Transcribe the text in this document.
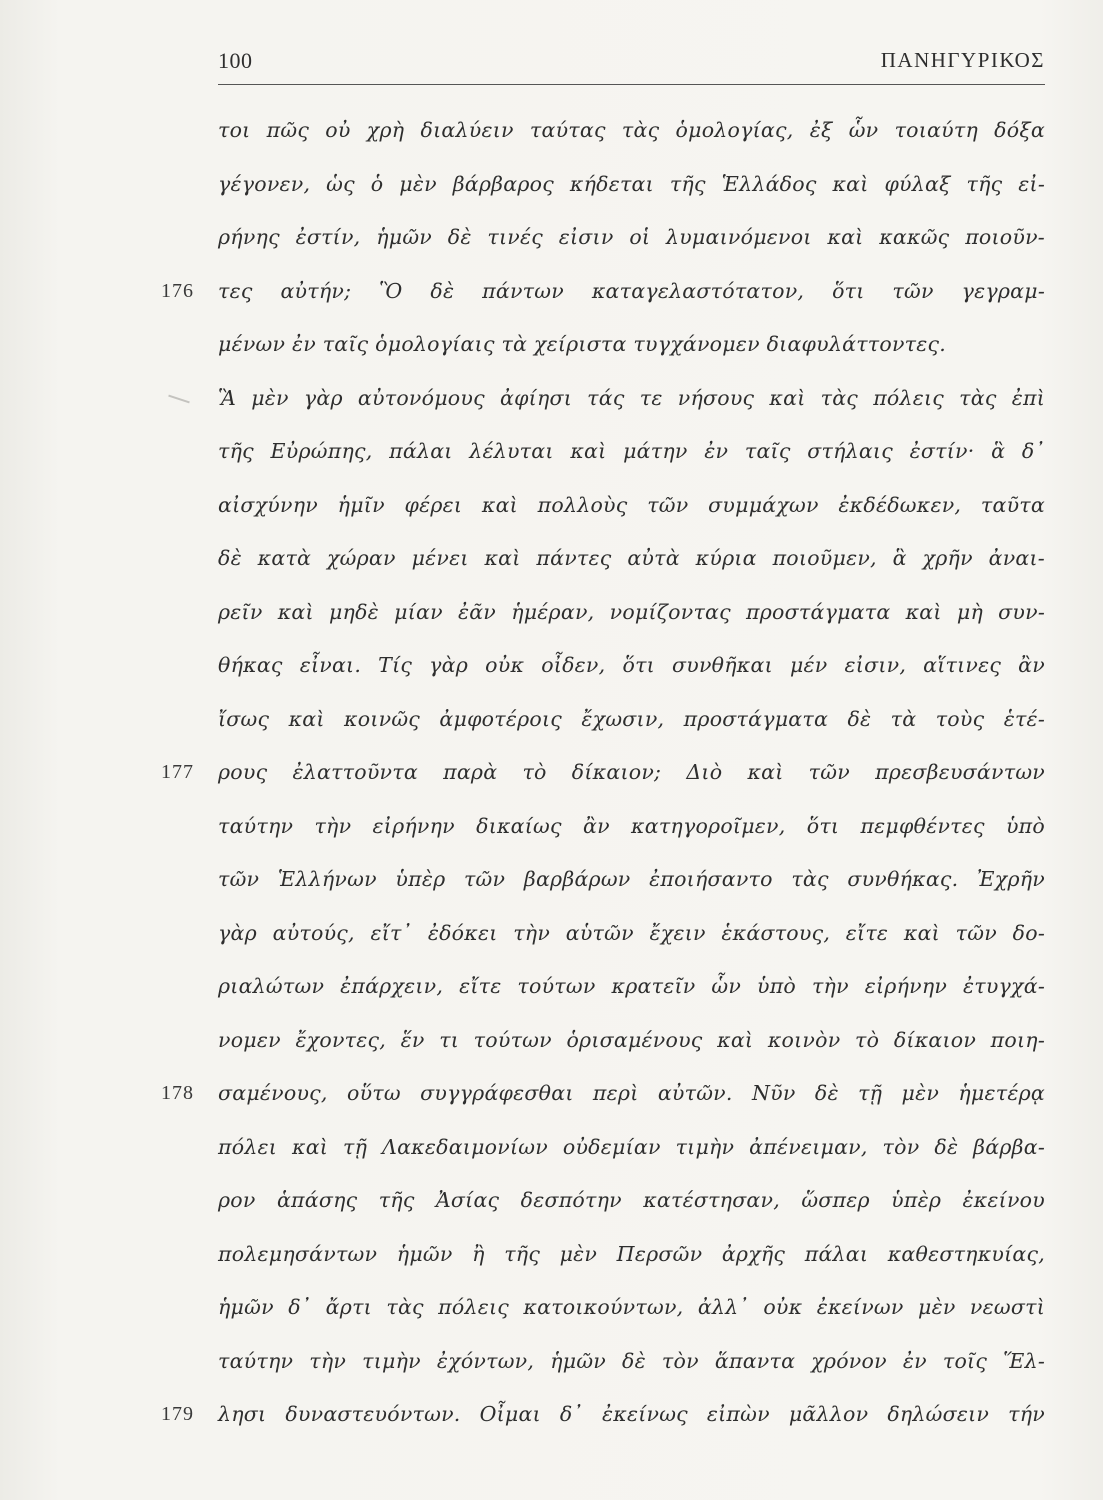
100	ΠΑΝΗΓΥΡΙΚΟΣ
τοι πῶς οὐ χρὴ διαλύειν ταύτας τὰς ὁμολογίας, ἐξ ὧν τοιαύτη δόξα
γέγονεν, ὡς ὁ μὲν βάρβαρος κήδεται τῆς Ἑλλάδος καὶ φύλαξ τῆς εἰ-
ρήνης ἐστίν, ἡμῶν δὲ τινές εἰσιν οἱ λυμαινόμενοι καὶ κακῶς ποιοῦν-
176	τες αὐτήν; Ὃ δὲ πάντων καταγελαστότατον, ὅτι τῶν γεγραμ-
μένων ἐν ταῖς ὁμολογίαις τὰ χείριστα τυγχάνομεν διαφυλάττοντες.
Ἃ μὲν γὰρ αὐτονόμους ἀφίησι τάς τε νήσους καὶ τὰς πόλεις τὰς ἐπὶ
τῆς Εὐρώπης, πάλαι λέλυται καὶ μάτην ἐν ταῖς στήλαις ἐστίν· ἃ δ᾽
αἰσχύνην ἡμῖν φέρει καὶ πολλοὺς τῶν συμμάχων ἐκδέδωκεν, ταῦτα
δὲ κατὰ χώραν μένει καὶ πάντες αὐτὰ κύρια ποιοῦμεν, ἃ χρῆν ἀναι-
ρεῖν καὶ μηδὲ μίαν ἐᾶν ἡμέραν, νομίζοντας προστάγματα καὶ μὴ συν-
θήκας εἶναι. Τίς γὰρ οὐκ οἶδεν, ὅτι συνθῆκαι μέν εἰσιν, αἵτινες ἂν
ἴσως καὶ κοινῶς ἀμφοτέροις ἔχωσιν, προστάγματα δὲ τὰ τοὺς ἑτέ-
177	ρους ἐλαττοῦντα παρὰ τὸ δίκαιον; Διὸ καὶ τῶν πρεσβευσάντων
ταύτην τὴν εἰρήνην δικαίως ἂν κατηγοροῖμεν, ὅτι πεμφθέντες ὑπὸ
τῶν Ἑλλήνων ὑπὲρ τῶν βαρβάρων ἐποιήσαντο τὰς συνθήκας. Ἐχρῆν
γὰρ αὐτούς, εἴτ᾽ ἐδόκει τὴν αὑτῶν ἔχειν ἑκάστους, εἴτε καὶ τῶν δο-
ριαλώτων ἐπάρχειν, εἴτε τούτων κρατεῖν ὧν ὑπὸ τὴν εἰρήνην ἐτυγχά-
νομεν ἔχοντες, ἕν τι τούτων ὁρισαμένους καὶ κοινὸν τὸ δίκαιον ποιη-
178	σαμένους, οὕτω συγγράφεσθαι περὶ αὐτῶν. Νῦν δὲ τῇ μὲν ἡμετέρᾳ
πόλει καὶ τῇ Λακεδαιμονίων οὐδεμίαν τιμὴν ἀπένειμαν, τὸν δὲ βάρβα-
ρον ἁπάσης τῆς Ἀσίας δεσπότην κατέστησαν, ὥσπερ ὑπὲρ ἐκείνου
πολεμησάντων ἡμῶν ἢ τῆς μὲν Περσῶν ἀρχῆς πάλαι καθεστηκυίας,
ἡμῶν δ᾽ ἄρτι τὰς πόλεις κατοικούντων, ἀλλ᾽ οὐκ ἐκείνων μὲν νεωστὶ
ταύτην τὴν τιμὴν ἐχόντων, ἡμῶν δὲ τὸν ἅπαντα χρόνον ἐν τοῖς Ἕλ-
179	λησι δυναστευόντων. Οἶμαι δ᾽ ἐκείνως εἰπὼν μᾶλλον δηλώσειν τήν
